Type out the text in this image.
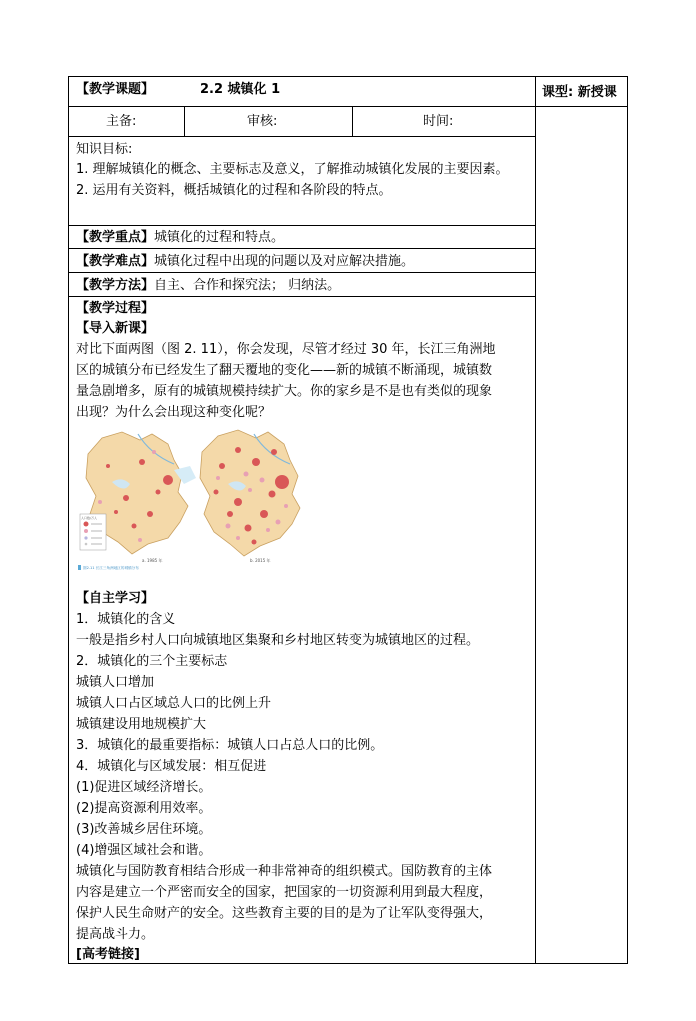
【教学课题】	2.2 城镇化 1	课型: 新授课
主备:	审核:	时间:
知识目标:
1. 理解城镇化的概念、主要标志及意义，了解推动城镇化发展的主要因素。
2. 运用有关资料，概括城镇化的过程和各阶段的特点。
【教学重点】城镇化的过程和特点。
【教学难点】城镇化过程中出现的问题以及对应解决措施。
【教学方法】自主、合作和探究法； 归纳法。
【教学过程】
【导入新课】
对比下面两图（图 2. 11），你会发现，尽管才经过 30 年，长江三角洲地
区的城镇分布已经发生了翻天覆地的变化——新的城镇不断涌现，城镇数
量急剧增多，原有的城镇规模持续扩大。你的家乡是不是也有类似的现象
出现？为什么会出现这种变化呢？
a. 1985 年	b. 2015 年
人口数/万人
图2.11 长江三角洲地区的城镇分布
【自主学习】
1．城镇化的含义
一般是指乡村人口向城镇地区集聚和乡村地区转变为城镇地区的过程。
2．城镇化的三个主要标志
城镇人口增加
城镇人口占区域总人口的比例上升
城镇建设用地规模扩大
3．城镇化的最重要指标：城镇人口占总人口的比例。
4．城镇化与区域发展：相互促进
(1)促进区域经济增长。
(2)提高资源利用效率。
(3)改善城乡居住环境。
(4)增强区域社会和谐。
城镇化与国防教育相结合形成一种非常神奇的组织模式。国防教育的主体
内容是建立一个严密而安全的国家，把国家的一切资源利用到最大程度，
保护人民生命财产的安全。这些教育主要的目的是为了让军队变得强大，
提高战斗力。
[高考链接]
